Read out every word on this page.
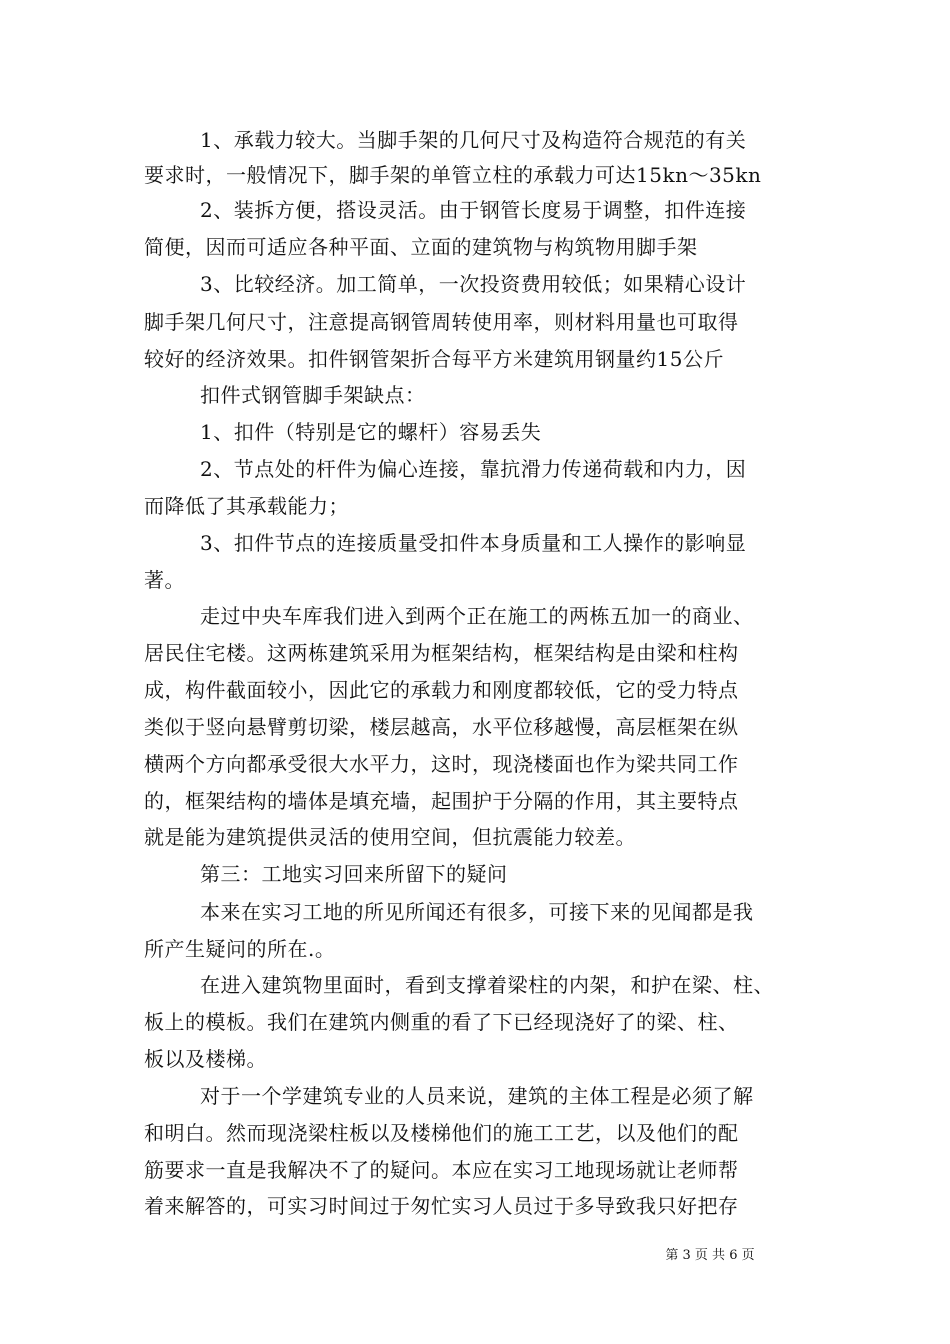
1、承载力较大。当脚手架的几何尺寸及构造符合规范的有关
要求时，一般情况下，脚手架的单管立柱的承载力可达15kn～35kn
2、装拆方便，搭设灵活。由于钢管长度易于调整，扣件连接
简便，因而可适应各种平面、立面的建筑物与构筑物用脚手架
3、比较经济。加工简单，一次投资费用较低；如果精心设计
脚手架几何尺寸，注意提高钢管周转使用率，则材料用量也可取得
较好的经济效果。扣件钢管架折合每平方米建筑用钢量约15公斤
扣件式钢管脚手架缺点：
1、扣件（特别是它的螺杆）容易丢失
2、节点处的杆件为偏心连接，靠抗滑力传递荷载和内力，因
而降低了其承载能力；
3、扣件节点的连接质量受扣件本身质量和工人操作的影响显
著。
走过中央车库我们进入到两个正在施工的两栋五加一的商业、
居民住宅楼。这两栋建筑采用为框架结构，框架结构是由梁和柱构
成，构件截面较小，因此它的承载力和刚度都较低，它的受力特点
类似于竖向悬臂剪切梁，楼层越高，水平位移越慢，高层框架在纵
横两个方向都承受很大水平力，这时，现浇楼面也作为梁共同工作
的，框架结构的墙体是填充墙，起围护于分隔的作用，其主要特点
就是能为建筑提供灵活的使用空间，但抗震能力较差。
第三：工地实习回来所留下的疑问
本来在实习工地的所见所闻还有很多，可接下来的见闻都是我
所产生疑问的所在.。
在进入建筑物里面时，看到支撑着梁柱的内架，和护在梁、柱、
板上的模板。我们在建筑内侧重的看了下已经现浇好了的梁、柱、
板以及楼梯。
对于一个学建筑专业的人员来说，建筑的主体工程是必须了解
和明白。然而现浇梁柱板以及楼梯他们的施工工艺，以及他们的配
筋要求一直是我解决不了的疑问。本应在实习工地现场就让老师帮
着来解答的，可实习时间过于匆忙实习人员过于多导致我只好把存
第 3 页 共 6 页
